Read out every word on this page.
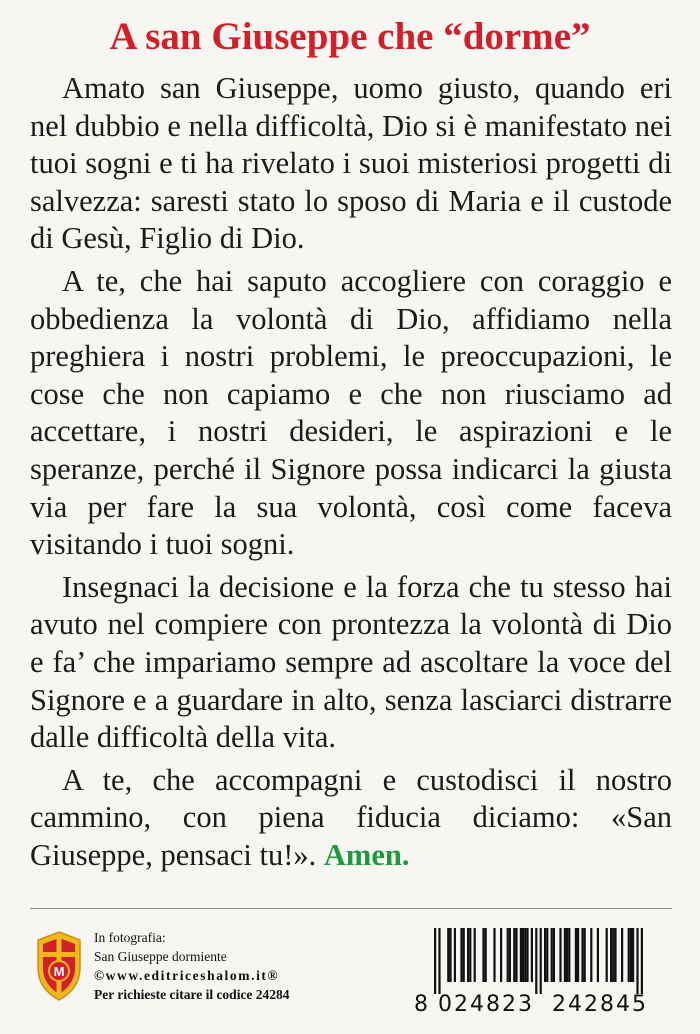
A san Giuseppe che “dorme”

Amato san Giuseppe, uomo giusto, quando eri nel dubbio e nella difficoltà, Dio si è manifestato nei tuoi sogni e ti ha rivelato i suoi misteriosi progetti di salvezza: saresti stato lo sposo di Maria e il custode di Gesù, Figlio di Dio.

A te, che hai saputo accogliere con coraggio e obbedienza la volontà di Dio, affidiamo nella preghiera i nostri problemi, le preoccupazioni, le cose che non capiamo e che non riusciamo ad accettare, i nostri desideri, le aspirazioni e le speranze, perché il Signore possa indicarci la giusta via per fare la sua volontà, così come faceva visitando i tuoi sogni.

Insegnaci la decisione e la forza che tu stesso hai avuto nel compiere con prontezza la volontà di Dio e fa’ che impariamo sempre ad ascoltare la voce del Signore e a guardare in alto, senza lasciarci distrarre dalle difficoltà della vita.

A te, che accompagni e custodisci il nostro cammino, con piena fiducia diciamo: «San Giuseppe, pensaci tu!». Amen.

M
In fotografia:
San Giuseppe dormiente
©www.editriceshalom.it®
Per richieste citare il codice 24284	8 024823 242845
